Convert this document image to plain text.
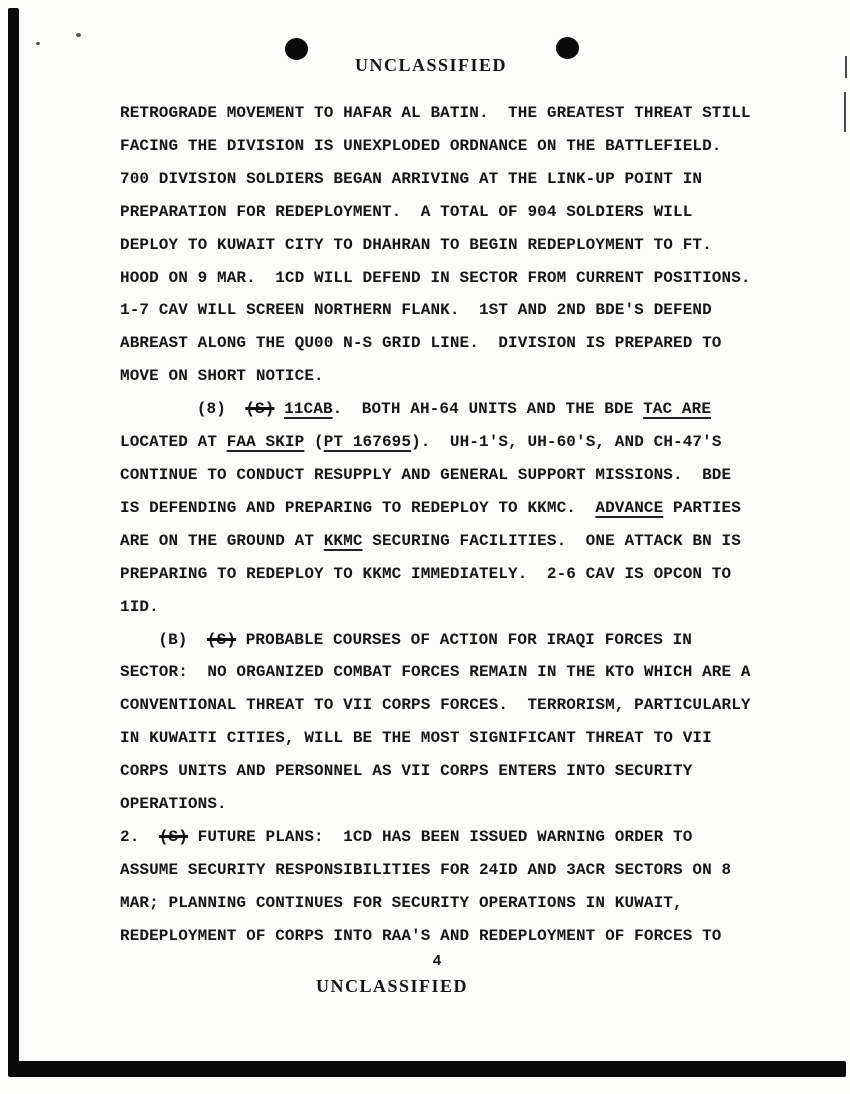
UNCLASSIFIED
RETROGRADE MOVEMENT TO HAFAR AL BATIN.  THE GREATEST THREAT STILL
FACING THE DIVISION IS UNEXPLODED ORDNANCE ON THE BATTLEFIELD.
700 DIVISION SOLDIERS BEGAN ARRIVING AT THE LINK-UP POINT IN
PREPARATION FOR REDEPLOYMENT.  A TOTAL OF 904 SOLDIERS WILL
DEPLOY TO KUWAIT CITY TO DHAHRAN TO BEGIN REDEPLOYMENT TO FT.
HOOD ON 9 MAR.  1CD WILL DEFEND IN SECTOR FROM CURRENT POSITIONS.
1-7 CAV WILL SCREEN NORTHERN FLANK.  1ST AND 2ND BDE'S DEFEND
ABREAST ALONG THE QU00 N-S GRID LINE.  DIVISION IS PREPARED TO
MOVE ON SHORT NOTICE.
(8)  (S) 11CAB.  BOTH AH-64 UNITS AND THE BDE TAC ARE
LOCATED AT FAA SKIP (PT 167695).  UH-1'S, UH-60'S, AND CH-47'S
CONTINUE TO CONDUCT RESUPPLY AND GENERAL SUPPORT MISSIONS.  BDE
IS DEFENDING AND PREPARING TO REDEPLOY TO KKMC.  ADVANCE PARTIES
ARE ON THE GROUND AT KKMC SECURING FACILITIES.  ONE ATTACK BN IS
PREPARING TO REDEPLOY TO KKMC IMMEDIATELY.  2-6 CAV IS OPCON TO
1ID.
(B)  (S) PROBABLE COURSES OF ACTION FOR IRAQI FORCES IN
SECTOR:  NO ORGANIZED COMBAT FORCES REMAIN IN THE KTO WHICH ARE A
CONVENTIONAL THREAT TO VII CORPS FORCES.  TERRORISM, PARTICULARLY
IN KUWAITI CITIES, WILL BE THE MOST SIGNIFICANT THREAT TO VII
CORPS UNITS AND PERSONNEL AS VII CORPS ENTERS INTO SECURITY
OPERATIONS.
2.  (S) FUTURE PLANS:  1CD HAS BEEN ISSUED WARNING ORDER TO
ASSUME SECURITY RESPONSIBILITIES FOR 24ID AND 3ACR SECTORS ON 8
MAR; PLANNING CONTINUES FOR SECURITY OPERATIONS IN KUWAIT,
REDEPLOYMENT OF CORPS INTO RAA'S AND REDEPLOYMENT OF FORCES TO
4
UNCLASSIFIED
